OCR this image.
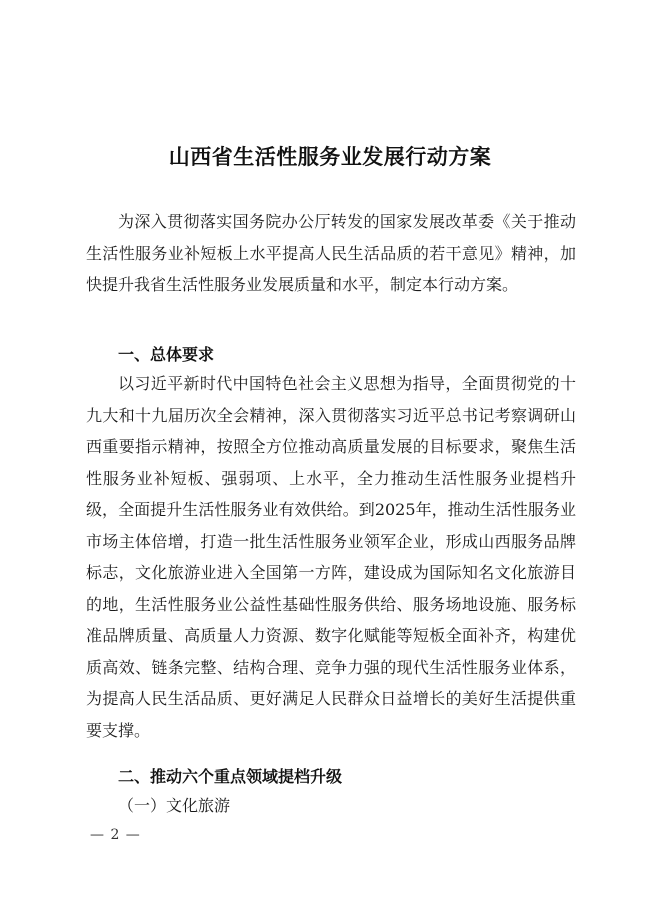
山西省生活性服务业发展行动方案

为深入贯彻落实国务院办公厅转发的国家发展改革委《关于推动生活性服务业补短板上水平提高人民生活品质的若干意见》精神，加快提升我省生活性服务业发展质量和水平，制定本行动方案。

一、总体要求

以习近平新时代中国特色社会主义思想为指导，全面贯彻党的十九大和十九届历次全会精神，深入贯彻落实习近平总书记考察调研山西重要指示精神，按照全方位推动高质量发展的目标要求，聚焦生活性服务业补短板、强弱项、上水平，全力推动生活性服务业提档升级，全面提升生活性服务业有效供给。到2025年，推动生活性服务业市场主体倍增，打造一批生活性服务业领军企业，形成山西服务品牌标志，文化旅游业进入全国第一方阵，建设成为国际知名文化旅游目的地，生活性服务业公益性基础性服务供给、服务场地设施、服务标准品牌质量、高质量人力资源、数字化赋能等短板全面补齐，构建优质高效、链条完整、结构合理、竞争力强的现代生活性服务业体系，为提高人民生活品质、更好满足人民群众日益增长的美好生活提供重要支撑。

二、推动六个重点领域提档升级

（一）文化旅游

— 2 —
